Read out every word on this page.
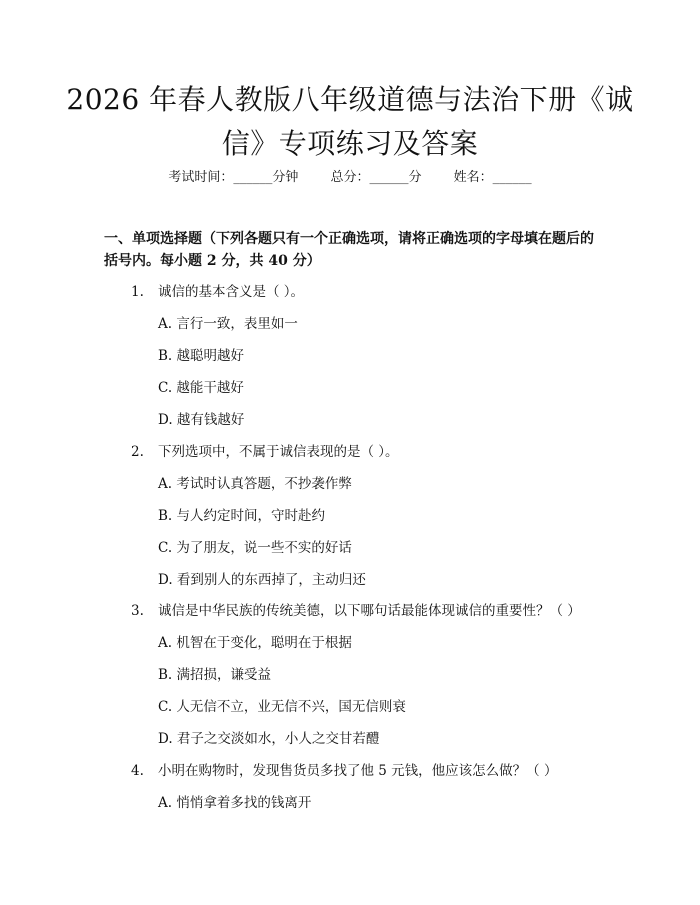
2026 年春人教版八年级道德与法治下册《诚信》专项练习及答案
考试时间：______分钟 总分：______分 姓名：______
一、单项选择题（下列各题只有一个正确选项，请将正确选项的字母填在题后的括号内。每小题 2 分，共 40 分）
1. 诚信的基本含义是（ ）。
A. 言行一致，表里如一
B. 越聪明越好
C. 越能干越好
D. 越有钱越好
2. 下列选项中，不属于诚信表现的是（ ）。
A. 考试时认真答题，不抄袭作弊
B. 与人约定时间，守时赴约
C. 为了朋友，说一些不实的好话
D. 看到别人的东西掉了，主动归还
3. 诚信是中华民族的传统美德，以下哪句话最能体现诚信的重要性？（ ）
A. 机智在于变化，聪明在于根据
B. 满招损，谦受益
C. 人无信不立，业无信不兴，国无信则衰
D. 君子之交淡如水，小人之交甘若醴
4. 小明在购物时，发现售货员多找了他 5 元钱，他应该怎么做？（ ）
A. 悄悄拿着多找的钱离开
